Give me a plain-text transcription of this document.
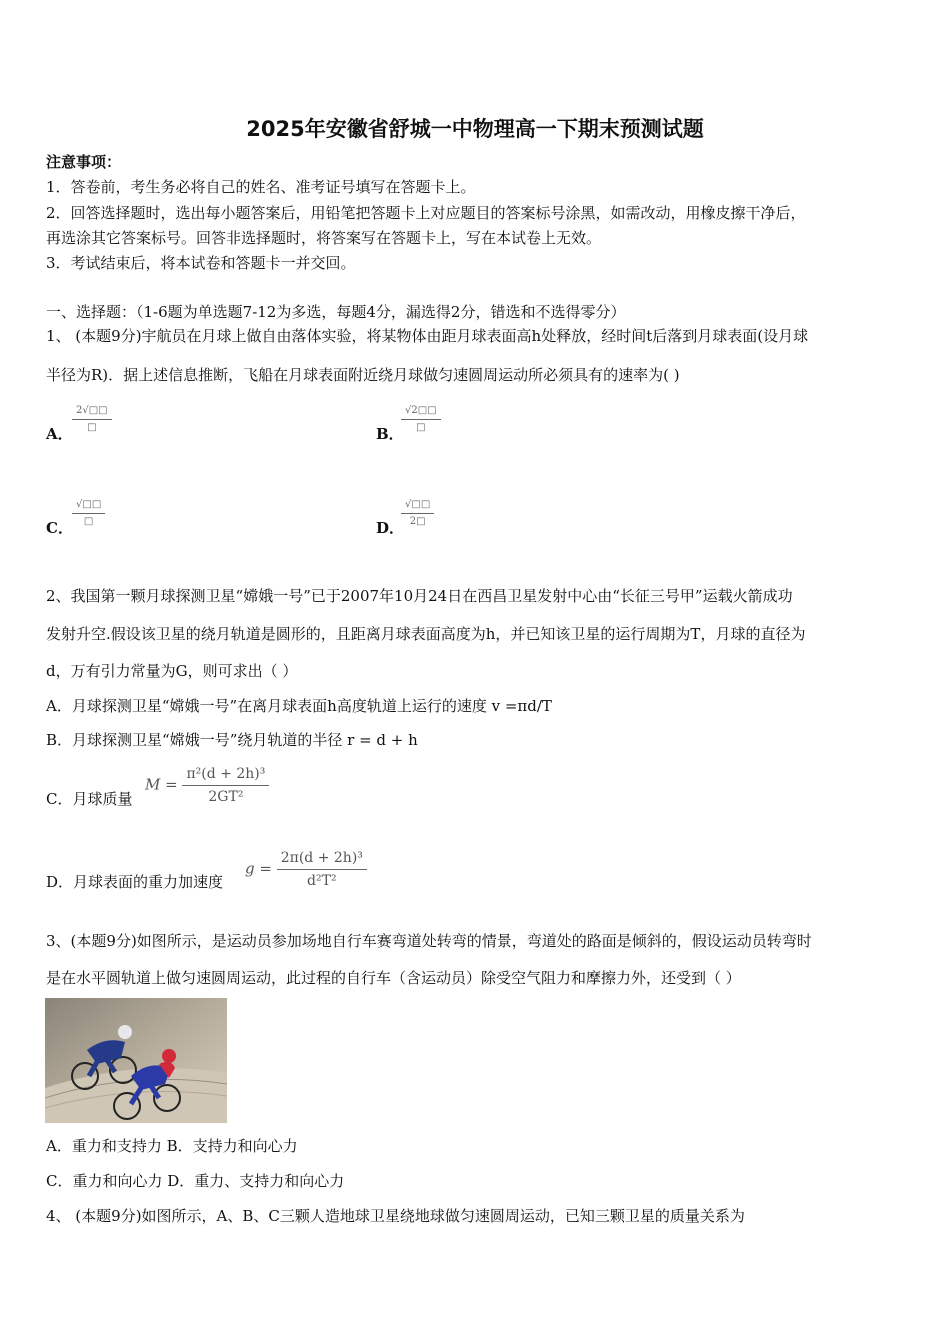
2025年安徽省舒城一中物理高一下期末预测试题
注意事项：
1．答卷前，考生务必将自己的姓名、准考证号填写在答题卡上。
2．回答选择题时，选出每小题答案后，用铅笔把答题卡上对应题目的答案标号涂黑，如需改动，用橡皮擦干净后，
再选涂其它答案标号。回答非选择题时，将答案写在答题卡上，写在本试卷上无效。
3．考试结束后，将本试卷和答题卡一并交回。
一、选择题：（1-6题为单选题7-12为多选，每题4分，漏选得2分，错选和不选得零分）
1、 (本题9分)宇航员在月球上做自由落体实验，将某物体由距月球表面高h处释放，经时间t后落到月球表面(设月球
半径为R)．据上述信息推断，飞船在月球表面附近绕月球做匀速圆周运动所必须具有的速率为( )
A． $\frac{2√□□}{□}$	B．
$\frac{√2□□}{□}$
C． $\frac{√□□}{□}$	D．
$\frac{√□□}{2□}$
2、我国第一颗月球探测卫星“嫦娥一号”已于2007年10月24日在西昌卫星发射中心由“长征三号甲”运载火箭成功
发射升空.假设该卫星的绕月轨道是圆形的，且距离月球表面高度为h，并已知该卫星的运行周期为T，月球的直径为
d，万有引力常量为G，则可求出（ ）
A．月球探测卫星“嫦娥一号”在离月球表面h高度轨道上运行的速度 v =πd/T
B．月球探测卫星“嫦娥一号”绕月轨道的半径 r = d + h
C．月球质量
$M = \frac{\text{π²(d + 2h)³}}{\text{2GT²}}$
D．月球表面的重力加速度
$g = \frac{\text{2π(d + 2h)³}}{\text{d²T²}}$
3、(本题9分)如图所示，是运动员参加场地自行车赛弯道处转弯的情景，弯道处的路面是倾斜的，假设运动员转弯时
是在水平圆轨道上做匀速圆周运动，此过程的自行车（含运动员）除受空气阻力和摩擦力外，还受到（ ）
A．重力和支持力 B．支持力和向心力
C．重力和向心力 D．重力、支持力和向心力
4、 (本题9分)如图所示，A、B、C三颗人造地球卫星绕地球做匀速圆周运动，已知三颗卫星的质量关系为
